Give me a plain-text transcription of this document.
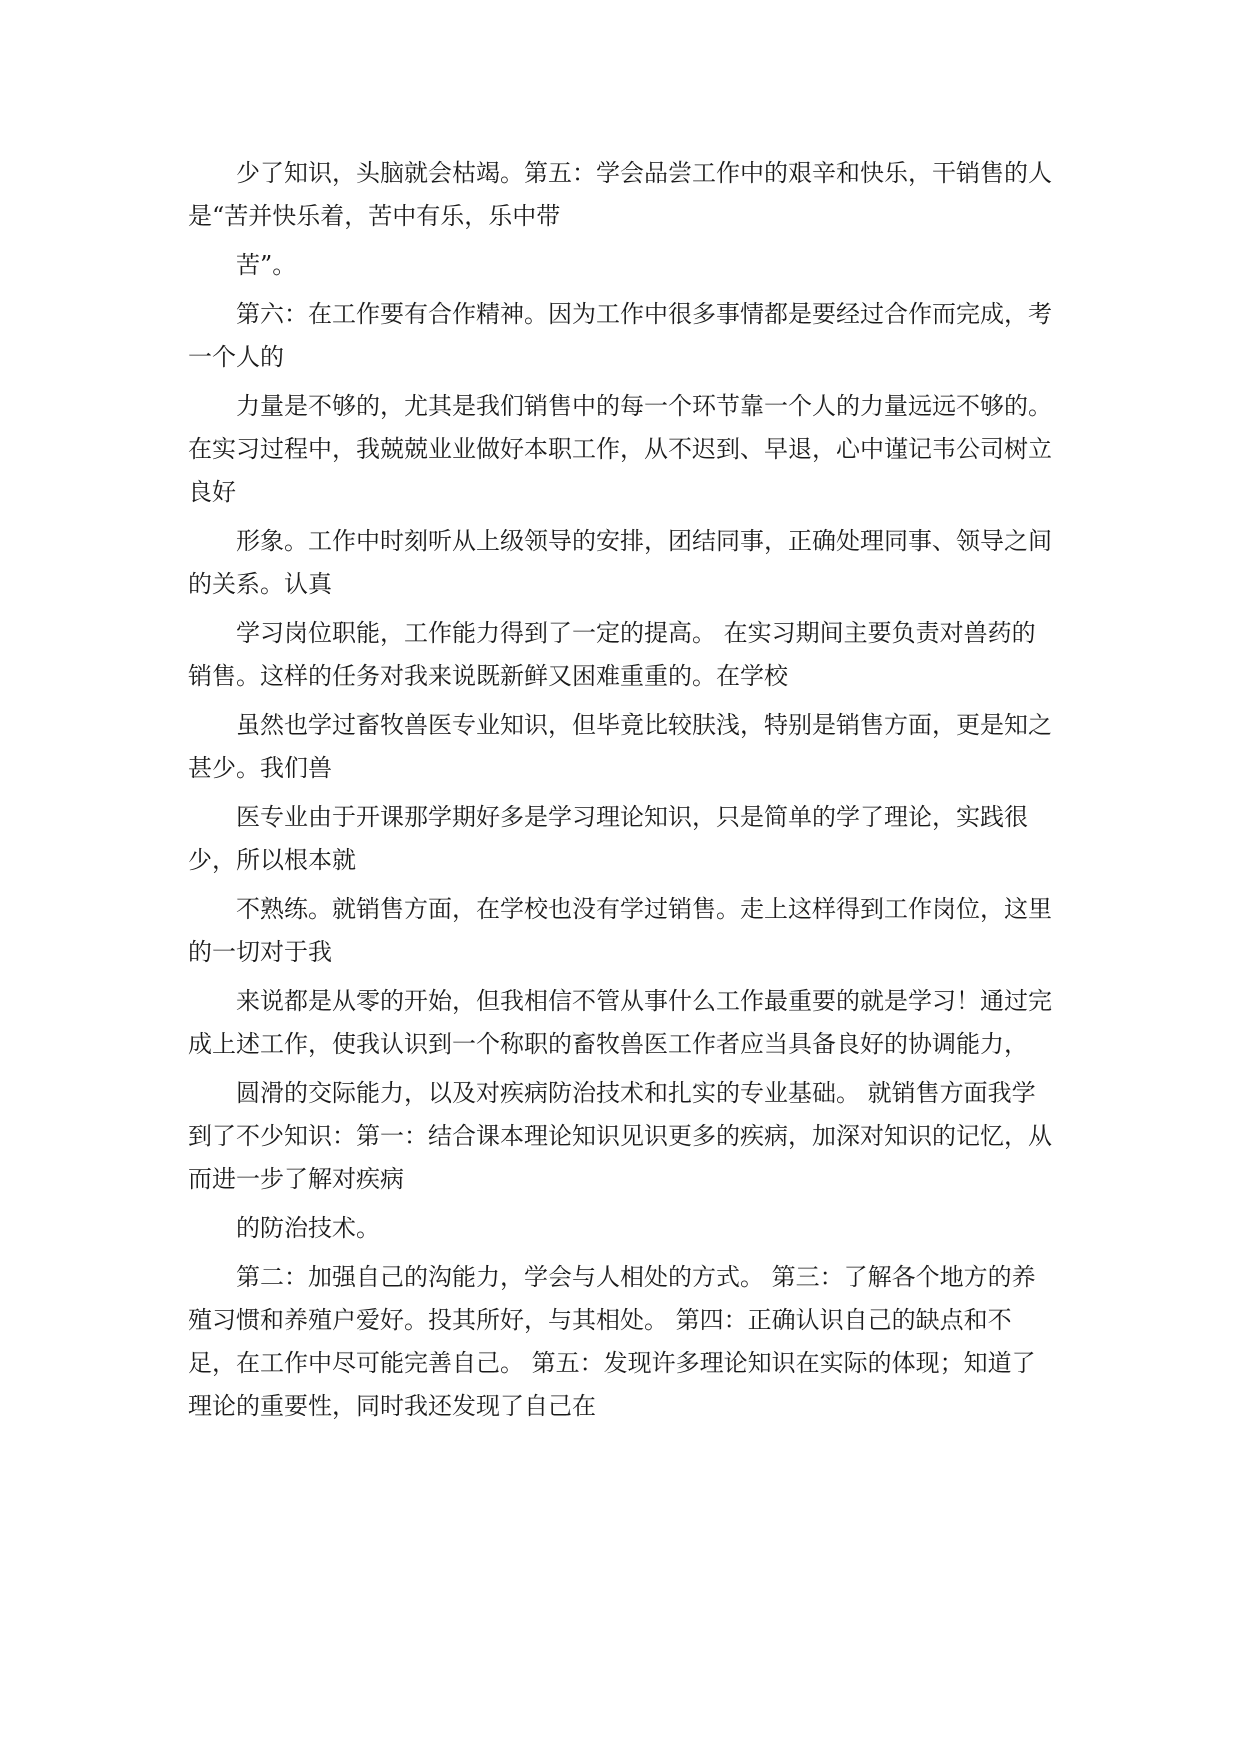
少了知识，头脑就会枯竭。第五：学会品尝工作中的艰辛和快乐，干销售的人是“苦并快乐着，苦中有乐，乐中带

苦”。

第六：在工作要有合作精神。因为工作中很多事情都是要经过合作而完成，考一个人的

力量是不够的，尤其是我们销售中的每一个环节靠一个人的力量远远不够的。在实习过程中，我兢兢业业做好本职工作，从不迟到、早退，心中谨记韦公司树立良好

形象。工作中时刻听从上级领导的安排，团结同事，正确处理同事、领导之间的关系。认真

学习岗位职能，工作能力得到了一定的提高。 在实习期间主要负责对兽药的销售。这样的任务对我来说既新鲜又困难重重的。在学校

虽然也学过畜牧兽医专业知识，但毕竟比较肤浅，特别是销售方面，更是知之甚少。我们兽

医专业由于开课那学期好多是学习理论知识，只是简单的学了理论，实践很少，所以根本就

不熟练。就销售方面，在学校也没有学过销售。走上这样得到工作岗位，这里的一切对于我

来说都是从零的开始，但我相信不管从事什么工作最重要的就是学习！通过完成上述工作，使我认识到一个称职的畜牧兽医工作者应当具备良好的协调能力，

圆滑的交际能力，以及对疾病防治技术和扎实的专业基础。 就销售方面我学到了不少知识：第一：结合课本理论知识见识更多的疾病，加深对知识的记忆，从而进一步了解对疾病

的防治技术。

第二：加强自己的沟能力，学会与人相处的方式。 第三：了解各个地方的养殖习惯和养殖户爱好。投其所好，与其相处。 第四：正确认识自己的缺点和不足，在工作中尽可能完善自己。 第五：发现许多理论知识在实际的体现；知道了理论的重要性，同时我还发现了自己在
